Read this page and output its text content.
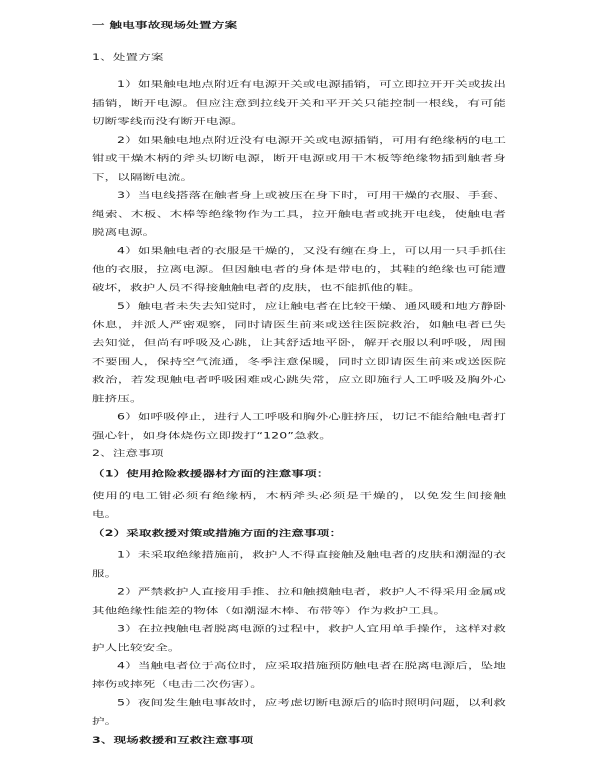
一 触电事故现场处置方案
1、处置方案

1）如果触电地点附近有电源开关或电源插销，可立即拉开开关或拔出插销，断开电源。但应注意到拉线开关和平开关只能控制一根线，有可能切断零线而没有断开电源。

2）如果触电地点附近没有电源开关或电源插销，可用有绝缘柄的电工钳或干燥木柄的斧头切断电源，断开电源或用干木板等绝缘物插到触者身下，以隔断电流。

3）当电线搭落在触者身上或被压在身下时，可用干燥的衣服、手套、绳索、木板、木棒等绝缘物作为工具，拉开触电者或挑开电线，使触电者脱离电源。

4）如果触电者的衣服是干燥的，又没有缠在身上，可以用一只手抓住他的衣服，拉离电源。但因触电者的身体是带电的，其鞋的绝缘也可能遭破坏，救护人员不得接触触电者的皮肤，也不能抓他的鞋。

5）触电者未失去知觉时，应让触电者在比较干燥、通风暖和地方静卧休息，并派人严密观察，同时请医生前来或送往医院救治，如触电者已失去知觉，但尚有呼吸及心跳，让其舒适地平卧，解开衣服以利呼吸，周围不要围人，保持空气流通，冬季注意保暖，同时立即请医生前来或送医院救治，若发现触电者呼吸困难或心跳失常，应立即施行人工呼吸及胸外心脏挤压。

6）如呼吸停止，进行人工呼吸和胸外心脏挤压，切记不能给触电者打强心针，如身体烧伤立即拨打“120”急救。

2、注意事项
（1）使用抢险救援器材方面的注意事项：

使用的电工钳必须有绝缘柄，木柄斧头必须是干燥的，以免发生间接触电。

（2）采取救援对策或措施方面的注意事项：

1）未采取绝缘措施前，救护人不得直接触及触电者的皮肤和潮湿的衣服。

2）严禁救护人直接用手推、拉和触摸触电者，救护人不得采用金属或其他绝缘性能差的物体（如潮湿木棒、布带等）作为救护工具。

3）在拉拽触电者脱离电源的过程中，救护人宜用单手操作，这样对救护人比较安全。

4）当触电者位于高位时，应采取措施预防触电者在脱离电源后，坠地摔伤或摔死（电击二次伤害）。

5）夜间发生触电事故时，应考虑切断电源后的临时照明问题，以利救护。

3、现场救援和互救注意事项
